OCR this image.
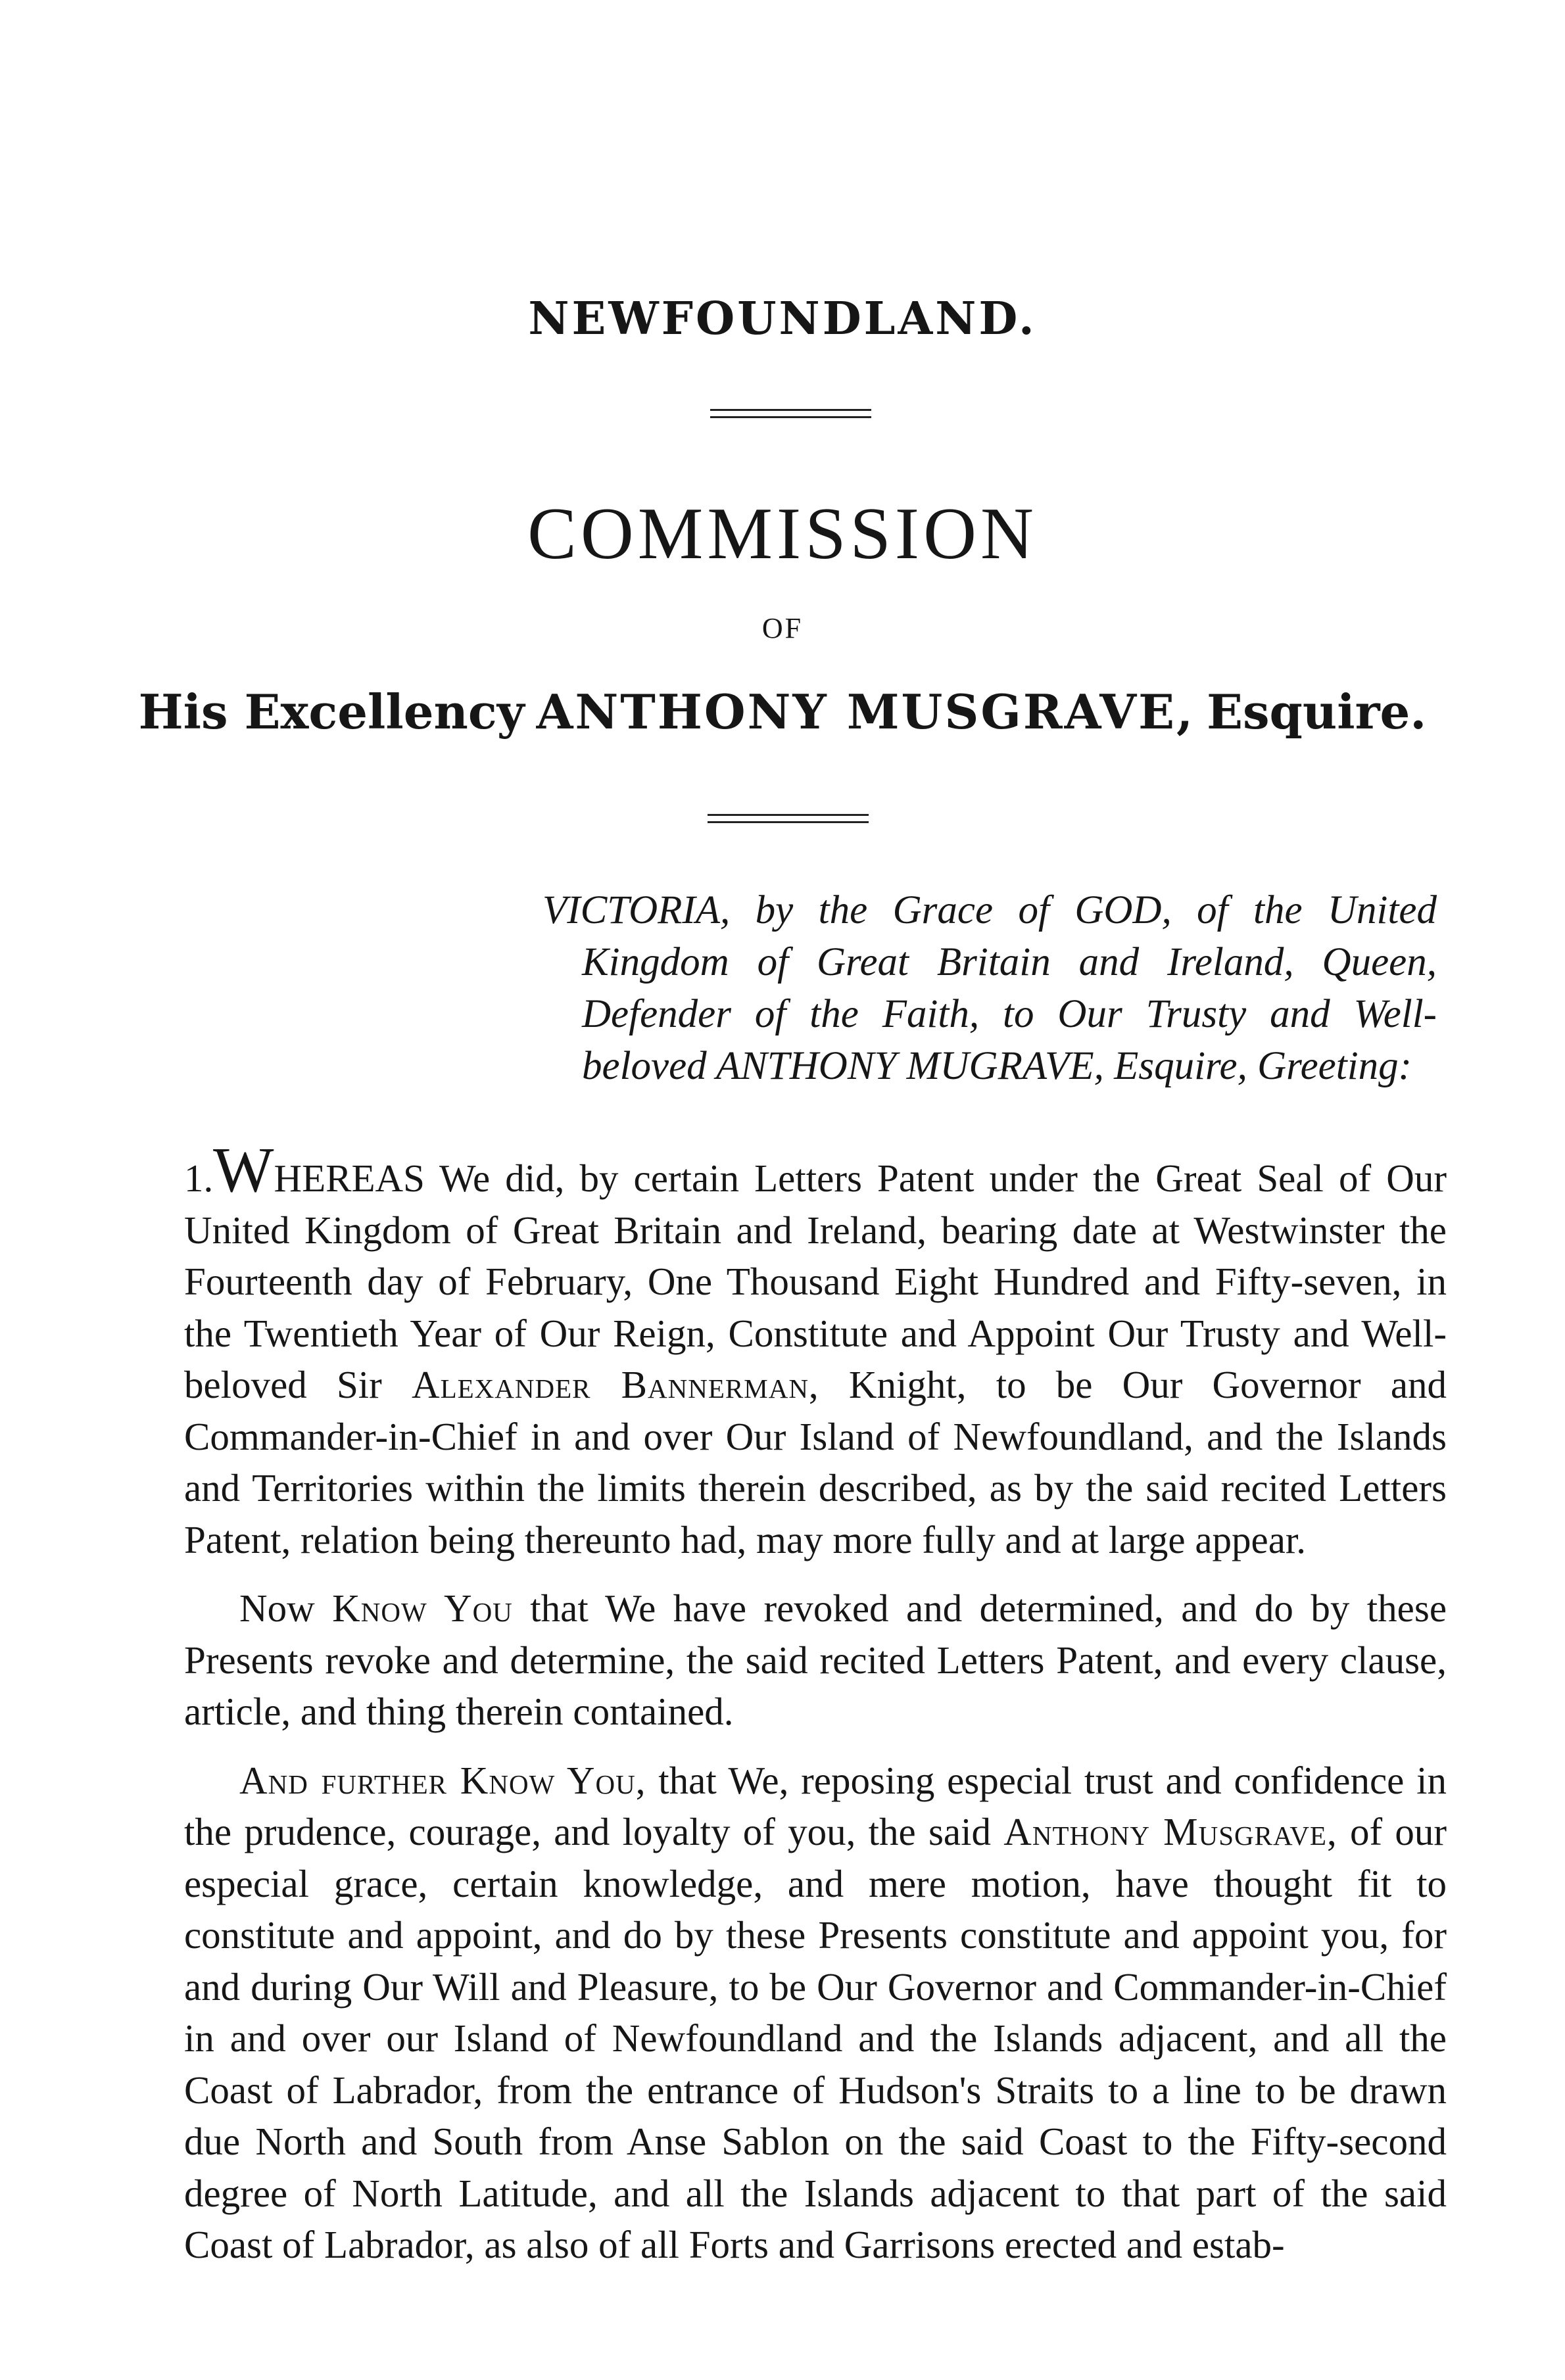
NEWFOUNDLAND.
COMMISSION
OF
His Excellency ANTHONY MUSGRAVE, Esquire.
VICTORIA, by the Grace of GOD, of the United Kingdom of Great Britain and Ireland, Queen, Defender of the Faith, to Our Trusty and Well-beloved ANTHONY MUGRAVE, Esquire, Greeting:

1.WHEREAS We did, by certain Letters Patent under the Great Seal of Our United Kingdom of Great Britain and Ireland, bearing date at Westwinster the Fourteenth day of February, One Thousand Eight Hundred and Fifty-seven, in the Twentieth Year of Our Reign, Constitute and Appoint Our Trusty and Well-beloved Sir Alexander Bannerman, Knight, to be Our Governor and Commander-in-Chief in and over Our Island of Newfoundland, and the Islands and Territories within the limits therein described, as by the said recited Letters Patent, relation being thereunto had, may more fully and at large appear.

Now Know You that We have revoked and determined, and do by these Presents revoke and determine, the said recited Letters Patent, and every clause, article, and thing therein contained.

And further Know You, that We, reposing especial trust and confidence in the prudence, courage, and loyalty of you, the said Anthony Musgrave, of our especial grace, certain knowledge, and mere motion, have thought fit to constitute and appoint, and do by these Presents constitute and appoint you, for and during Our Will and Pleasure, to be Our Governor and Commander-in-Chief in and over our Island of Newfoundland and the Islands adjacent, and all the Coast of Labrador, from the entrance of Hudson's Straits to a line to be drawn due North and South from Anse Sablon on the said Coast to the Fifty-second degree of North Latitude, and all the Islands adjacent to that part of the said Coast of Labrador, as also of all Forts and Garrisons erected and estab-
